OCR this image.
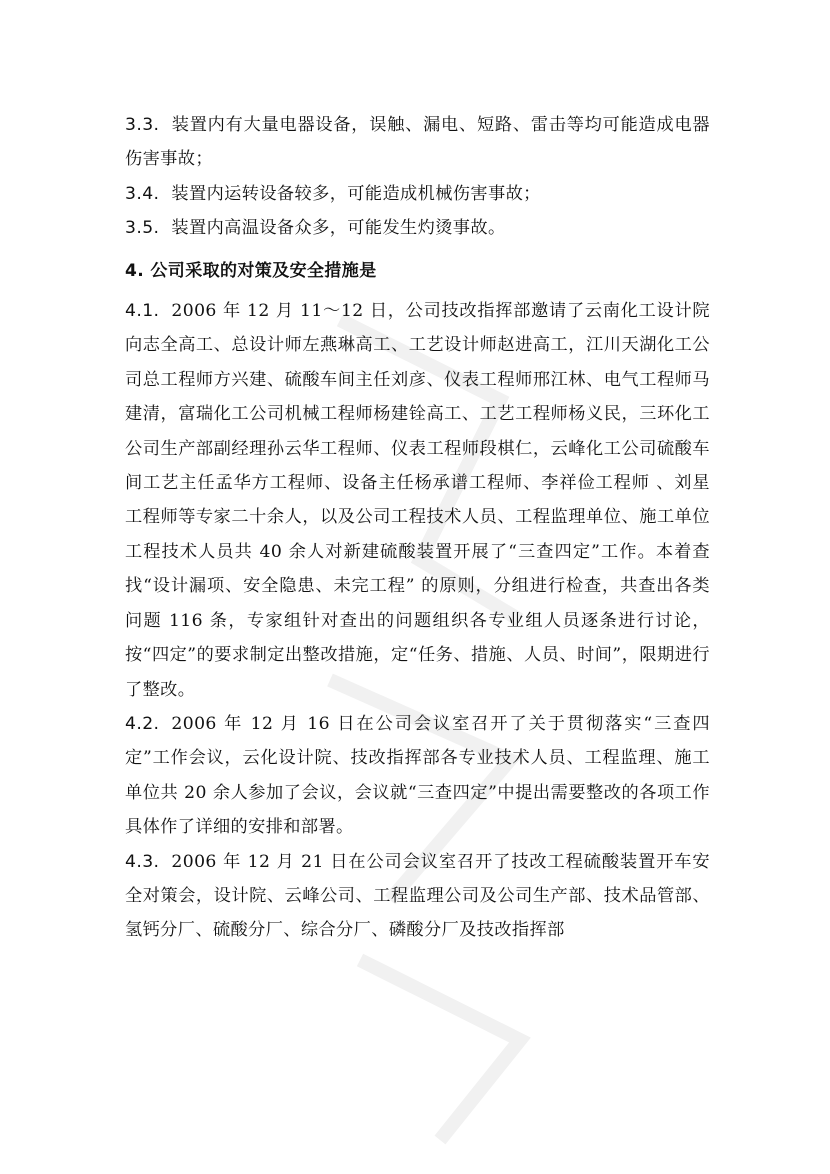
3.3. 装置内有大量电器设备，误触、漏电、短路、雷击等均可能造成电器伤害事故；

3.4. 装置内运转设备较多，可能造成机械伤害事故；

3.5. 装置内高温设备众多，可能发生灼烫事故。

4. 公司采取的对策及安全措施是

4.1. 2006 年 12 月 11～12 日，公司技改指挥部邀请了云南化工设计院向志全高工、总设计师左燕琳高工、工艺设计师赵进高工，江川天湖化工公司总工程师方兴建、硫酸车间主任刘彦、仪表工程师邢江林、电气工程师马建清，富瑞化工公司机械工程师杨建铨高工、工艺工程师杨义民，三环化工公司生产部副经理孙云华工程师、仪表工程师段棋仁，云峰化工公司硫酸车间工艺主任孟华方工程师、设备主任杨承谱工程师、李祥俭工程师 、刘星工程师等专家二十余人，以及公司工程技术人员、工程监理单位、施工单位工程技术人员共 40 余人对新建硫酸装置开展了“三查四定”工作。本着查找“设计漏项、安全隐患、未完工程” 的原则，分组进行检查，共查出各类问题 116 条，专家组针对查出的问题组织各专业组人员逐条进行讨论，按“四定”的要求制定出整改措施，定“任务、措施、人员、时间”，限期进行了整改。

4.2. 2006 年 12 月 16 日在公司会议室召开了关于贯彻落实“三查四定”工作会议，云化设计院、技改指挥部各专业技术人员、工程监理、施工单位共 20 余人参加了会议，会议就“三查四定”中提出需要整改的各项工作具体作了详细的安排和部署。

4.3. 2006 年 12 月 21 日在公司会议室召开了技改工程硫酸装置开车安全对策会，设计院、云峰公司、工程监理公司及公司生产部、技术品管部、氢钙分厂、硫酸分厂、综合分厂、磷酸分厂及技改指挥部
